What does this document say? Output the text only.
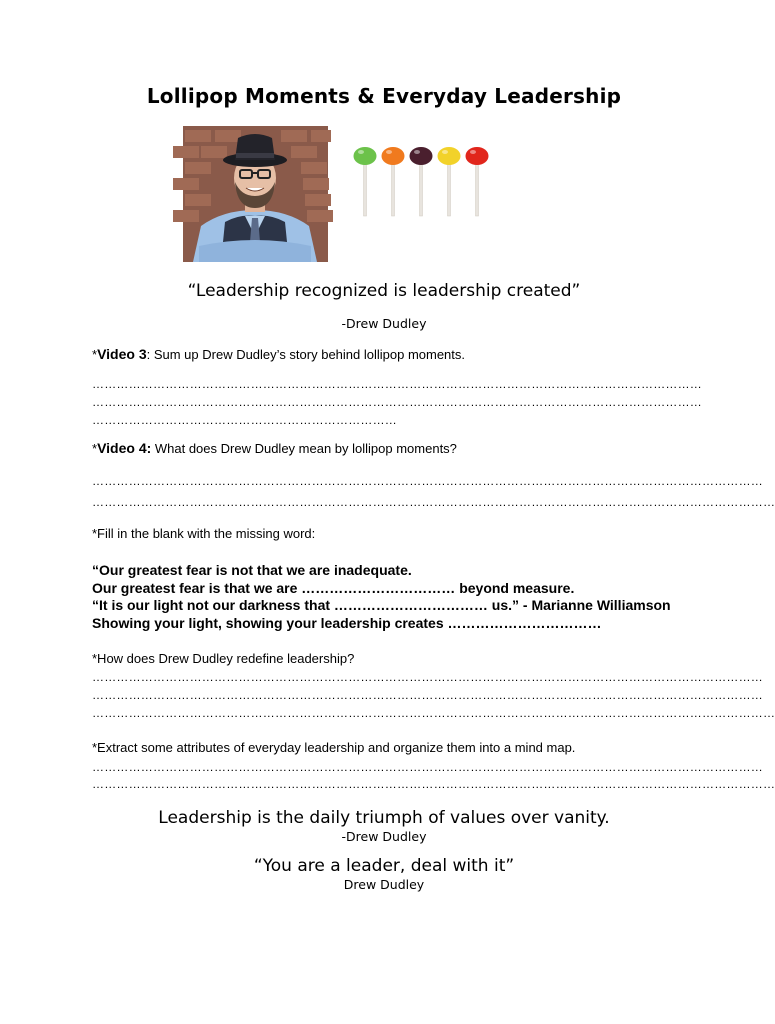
Lollipop Moments & Everyday Leadership
“Leadership recognized is leadership created”
-Drew Dudley
*Video 3: Sum up Drew Dudley’s story behind lollipop moments.
……………………………………………………………………………………………………………………………………
……………………………………………………………………………………………………………………………………
…………………………………………………………………
*Video 4: What does Drew Dudley mean by lollipop moments?
…………………………………………………………………………………………………………………………………………………
……………………………………………………………………………………………………………………………………………………
*Fill in the blank with the missing word:
“Our greatest fear is not that we are inadequate.
Our greatest fear is that we are …………………………… beyond measure.
“It is our light not our darkness that …………………………… us.” - Marianne Williamson
Showing your light, showing your leadership creates ……………………………
*How does Drew Dudley redefine leadership?
…………………………………………………………………………………………………………………………………………………
…………………………………………………………………………………………………………………………………………………
……………………………………………………………………………………………………………………………………………………
*Extract some attributes of everyday leadership and organize them into a mind map.
…………………………………………………………………………………………………………………………………………………
……………………………………………………………………………………………………………………………………………………
Leadership is the daily triumph of values over vanity.
-Drew Dudley
“You are a leader, deal with it”
Drew Dudley
